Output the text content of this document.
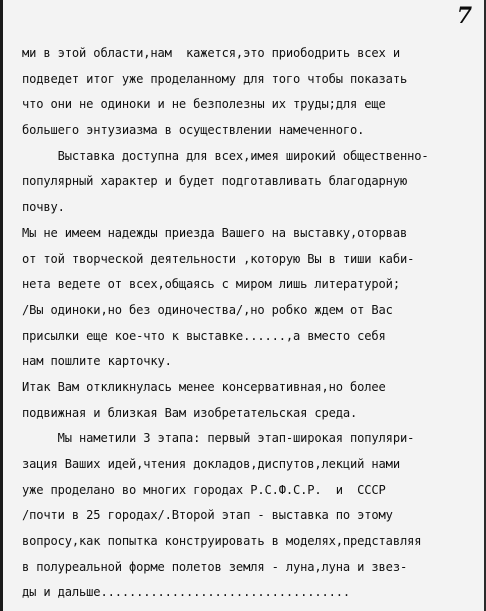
7
ми в этой области,нам  кажется,это приободрить всех и
подведет итог уже проделанному для того чтобы показать
что они не одиноки и не безполезны их труды;для еще
большего энтузиазма в осуществлении намеченного.
Выставка доступна для всех,имея широкий общественно-
популярный характер и будет подготавливать благодарную
почву.
Мы не имеем надежды приезда Вашего на выставку,оторвав
от той творческой деятельности ,которую Вы в тиши каби-
нета ведете от всех,общаясь с миром лишь литературой;
/Вы одиноки,но без одиночества/,но робко ждем от Вас
присылки еще кое-что к выставке......,а вместо себя
нам пошлите карточку.
Итак Вам откликнулась менее консервативная,но более
подвижная и близкая Вам изобретательская среда.
Мы наметили 3 этапа: первый этап-широкая популяри-
зация Ваших идей,чтения докладов,диспутов,лекций нами
уже проделано во многих городах Р.С.Ф.С.Р.  и  СССР
/почти в 25 городах/.Второй этап - выставка по этому
вопросу,как попытка конструировать в моделях,представляя
в полуреальной форме полетов земля - луна,луна и звез-
ды и дальше...................................
